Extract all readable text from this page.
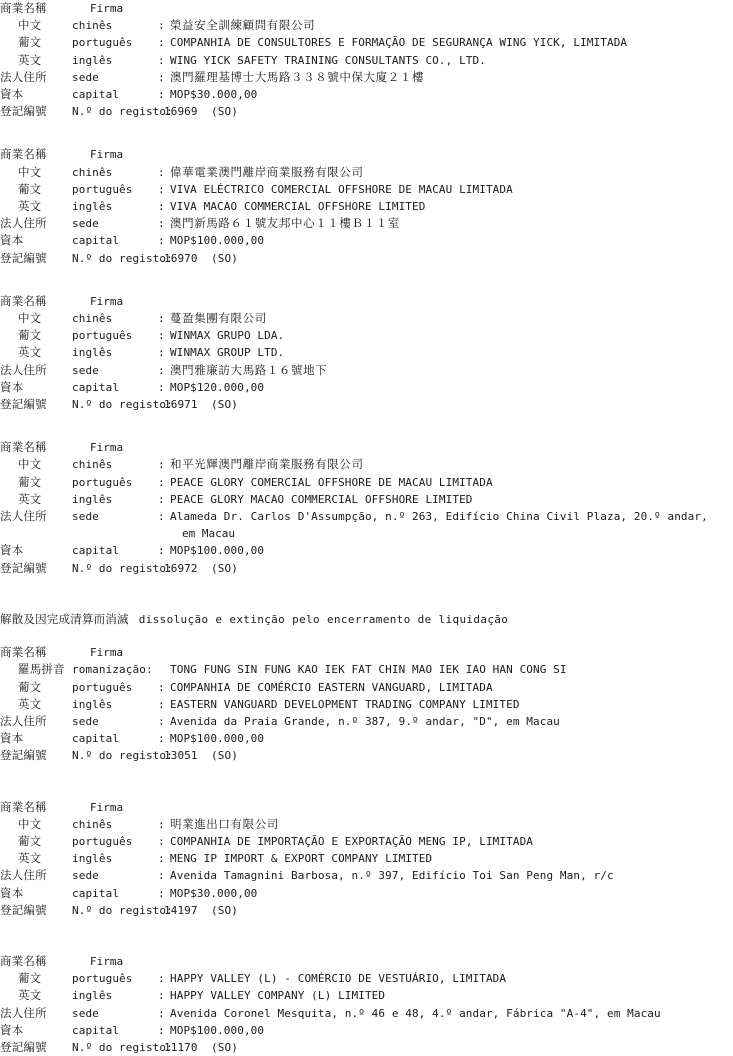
商業名稱	Firma
中文	chinês	: 榮益安全訓練顧問有限公司
葡文	português	: COMPANHIA DE CONSULTORES E FORMAÇÃO DE SEGURANÇA WING YICK, LIMITADA
英文	inglês	: WING YICK SAFETY TRAINING CONSULTANTS CO., LTD.
法人住所	sede	: 澳門羅理基博士大馬路３３８號中保大廈２１樓
資本	capital	: MOP$30.000,00
登記編號	N.º do registo:
16969  (SO)
商業名稱	Firma
中文	chinês	: 偉華電業澳門離岸商業服務有限公司
葡文	português	: VIVA ELÉCTRICO COMERCIAL OFFSHORE DE MACAU LIMITADA
英文	inglês	: VIVA MACAO COMMERCIAL OFFSHORE LIMITED
法人住所	sede	: 澳門新馬路６１號友邦中心１１樓Ｂ１１室
資本	capital	: MOP$100.000,00
登記編號	N.º do registo:
16970  (SO)
商業名稱	Firma
中文	chinês	: 蔓盈集團有限公司
葡文	português	: WINMAX GRUPO LDA.
英文	inglês	: WINMAX GROUP LTD.
法人住所	sede	: 澳門雅廉訪大馬路１６號地下
資本	capital	: MOP$120.000,00
登記編號	N.º do registo:
16971  (SO)
商業名稱	Firma
中文	chinês	: 和平光輝澳門離岸商業服務有限公司
葡文	português	: PEACE GLORY COMERCIAL OFFSHORE DE MACAU LIMITADA
英文	inglês	: PEACE GLORY MACAO COMMERCIAL OFFSHORE LIMITED
法人住所	sede	: Alameda Dr. Carlos D'Assumpção, n.º 263, Edifício China Civil Plaza, 20.º andar,
em Macau
資本	capital	: MOP$100.000,00
登記編號	N.º do registo:
16972  (SO)
解散及因完成清算而消滅 dissolução e extinção pelo encerramento de liquidação
商業名稱	Firma
羅馬拼音 romanização:	TONG FUNG SIN FUNG KAO IEK FAT CHIN MAO IEK IAO HAN CONG SI
葡文	português	: COMPANHIA DE COMÉRCIO EASTERN VANGUARD, LIMITADA
英文	inglês	: EASTERN VANGUARD DEVELOPMENT TRADING COMPANY LIMITED
法人住所	sede	: Avenida da Praia Grande, n.º 387, 9.º andar, "D", em Macau
資本	capital	: MOP$100.000,00
登記編號	N.º do registo:
13051  (SO)
商業名稱	Firma
中文	chinês	: 明業進出口有限公司
葡文	português	: COMPANHIA DE IMPORTAÇÃO E EXPORTAÇÃO MENG IP, LIMITADA
英文	inglês	: MENG IP IMPORT & EXPORT COMPANY LIMITED
法人住所	sede	: Avenida Tamagnini Barbosa, n.º 397, Edifício Toi San Peng Man, r/c
資本	capital	: MOP$30.000,00
登記編號	N.º do registo:
14197  (SO)
商業名稱	Firma
葡文	português	: HAPPY VALLEY (L) - COMÉRCIO DE VESTUÁRIO, LIMITADA
英文	inglês	: HAPPY VALLEY COMPANY (L) LIMITED
法人住所	sede	: Avenida Coronel Mesquita, n.º 46 e 48, 4.º andar, Fábrica "A-4", em Macau
資本	capital	: MOP$100.000,00
登記編號	N.º do registo:
11170  (SO)
